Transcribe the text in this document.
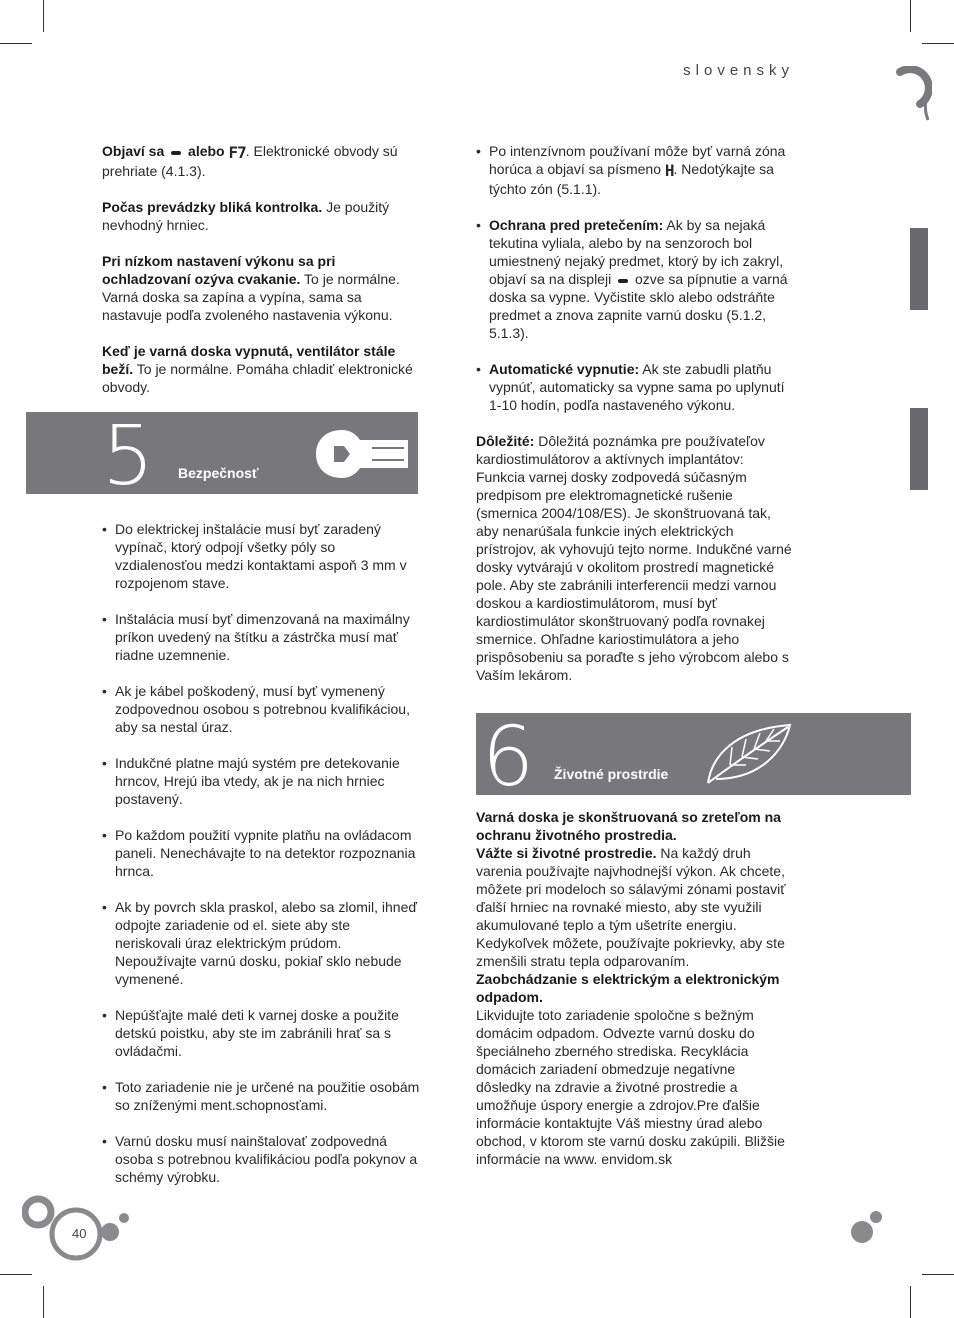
slovensky

Objaví sa alebo F7. Elektronické obvody sú prehriate (4.1.3).

Počas prevádzky bliká kontrolka. Je použitý nevhodný hrniec.

Pri nízkom nastavení výkonu sa pri ochladzovaní ozýva cvakanie. To je normálne. Varná doska sa zapína a vypína, sama sa nastavuje podľa zvoleného nastavenia výkonu.

Keď je varná doska vypnutá, ventilátor stále beží. To je normálne. Pomáha chladiť elektronické obvody.

5 Bezpečnosť
• Do elektrickej inštalácie musí byť zaradený vypínač, ktorý odpojí všetky póly so vzdialenosťou medzi kontaktami aspoň 3 mm v rozpojenom stave.
• Inštalácia musí byť dimenzovaná na maximálny príkon uvedený na štítku a zástrčka musí mať riadne uzemnenie.
• Ak je kábel poškodený, musí byť vymenený zodpovednou osobou s potrebnou kvalifikáciou, aby sa nestal úraz.
• Indukčné platne majú systém pre detekovanie hrncov, Hrejú iba vtedy, ak je na nich hrniec postavený.
• Po každom použití vypnite platňu na ovládacom paneli. Nenechávajte to na detektor rozpoznania hrnca.
• Ak by povrch skla praskol, alebo sa zlomil, ihneď odpojte zariadenie od el. siete aby ste neriskovali úraz elektrickým prúdom. Nepoužívajte varnú dosku, pokiaľ sklo nebude vymenené.
• Nepúšťajte malé deti k varnej doske a použite detskú poistku, aby ste im zabránili hrať sa s ovládačmi.
• Toto zariadenie nie je určené na použitie osobám so zníženými ment.schopnosťami.
• Varnú dosku musí nainštalovať zodpovedná osoba s potrebnou kvalifikáciou podľa pokynov a schémy výrobku.
• Po intenzívnom používaní môže byť varná zóna horúca a objaví sa písmeno H. Nedotýkajte sa týchto zón (5.1.1).
• Ochrana pred pretečením: Ak by sa nejaká tekutina vyliala, alebo by na senzoroch bol umiestnený nejaký predmet, ktorý by ich zakryl, objaví sa na displeji ozve sa pípnutie a varná doska sa vypne. Vyčistite sklo alebo odstráňte predmet a znova zapnite varnú dosku (5.1.2, 5.1.3).
• Automatické vypnutie: Ak ste zabudli platňu vypnúť, automaticky sa vypne sama po uplynutí 1-10 hodín, podľa nastaveného výkonu.

Dôležité: Dôležitá poznámka pre používateľov kardiostimulátorov a aktívnych implantátov: Funkcia varnej dosky zodpovedá súčasným predpisom pre elektromagnetické rušenie (smernica 2004/108/ES). Je skonštruovaná tak, aby nenarúšala funkcie iných elektrických prístrojov, ak vyhovujú tejto norme. Indukčné varné dosky vytvárajú v okolitom prostredí magnetické pole. Aby ste zabránili interferencii medzi varnou doskou a kardiostimulátorom, musí byť kardiostimulátor skonštruovaný podľa rovnakej smernice. Ohľadne kariostimulátora a jeho prispôsobeniu sa poraďte s jeho výrobcom alebo s Vaším lekárom.

6 Životné prostrdie
Varná doska je skonštruovaná so zreteľom na ochranu životného prostredia.
Vážte si životné prostredie. Na každý druh varenia používajte najvhodnejší výkon. Ak chcete, môžete pri modeloch so sálavými zónami postaviť ďalší hrniec na rovnaké miesto, aby ste využili akumulované teplo a tým ušetríte energiu. Kedykoľvek môžete, používajte pokrievky, aby ste zmenšili stratu tepla odparovaním.
Zaobchádzanie s elektrickým a elektronickým odpadom.
Likvidujte toto zariadenie spoločne s bežným domácim odpadom. Odvezte varnú dosku do špeciálneho zberného strediska. Recyklácia domácich zariadení obmedzuje negatívne dôsledky na zdravie a životné prostredie a umožňuje úspory energie a zdrojov.Pre ďalšie informácie kontaktujte Váš miestny úrad alebo obchod, v ktorom ste varnú dosku zakúpili. Bližšie informácie na www. envidom.sk
40
